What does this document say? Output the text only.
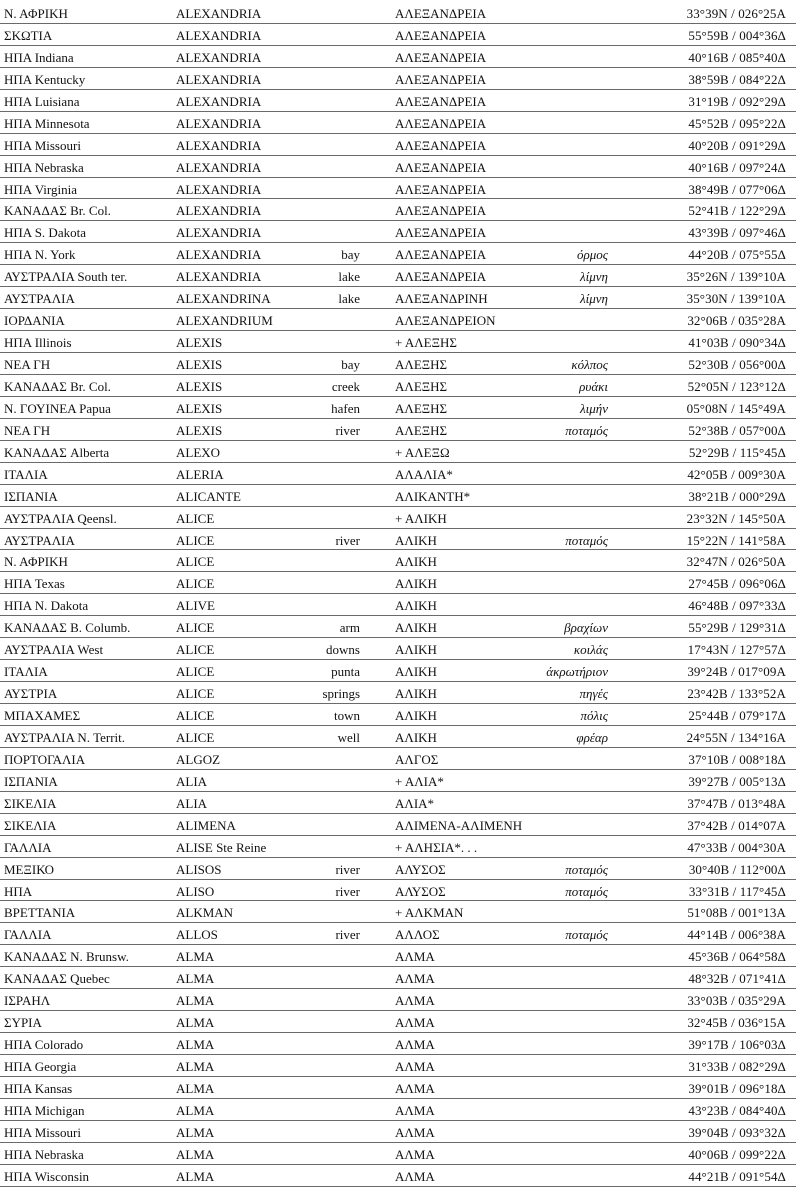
Ν. ΑΦΡΙΚΗ	ALEXANDRIA	ΑΛΕΞΑΝΔΡΕΙΑ	33°39N / 026°25A
ΣΚΩΤΙΑ	ALEXANDRIA	ΑΛΕΞΑΝΔΡΕΙΑ	55°59B / 004°36Δ
ΗΠΑ Indiana	ALEXANDRIA	ΑΛΕΞΑΝΔΡΕΙΑ	40°16B / 085°40Δ
ΗΠΑ Kentucky	ALEXANDRIA	ΑΛΕΞΑΝΔΡΕΙΑ	38°59B / 084°22Δ
ΗΠΑ Luisiana	ALEXANDRIA	ΑΛΕΞΑΝΔΡΕΙΑ	31°19B / 092°29Δ
ΗΠΑ Minnesota	ALEXANDRIA	ΑΛΕΞΑΝΔΡΕΙΑ	45°52B / 095°22Δ
ΗΠΑ Missouri	ALEXANDRIA	ΑΛΕΞΑΝΔΡΕΙΑ	40°20B / 091°29Δ
ΗΠΑ Nebraska	ALEXANDRIA	ΑΛΕΞΑΝΔΡΕΙΑ	40°16B / 097°24Δ
ΗΠΑ Virginia	ALEXANDRIA	ΑΛΕΞΑΝΔΡΕΙΑ	38°49B / 077°06Δ
ΚΑΝΑΔΑΣ Br. Col.	ALEXANDRIA	ΑΛΕΞΑΝΔΡΕΙΑ	52°41B / 122°29Δ
ΗΠΑ S. Dakota	ALEXANDRIA	ΑΛΕΞΑΝΔΡΕΙΑ	43°39B / 097°46Δ
ΗΠΑ N. York	ALEXANDRIA	bay	ΑΛΕΞΑΝΔΡΕΙΑ	όρμος	44°20B / 075°55Δ
ΑΥΣΤΡΑΛΙΑ South ter.	ALEXANDRIA	lake	ΑΛΕΞΑΝΔΡΕΙΑ	λίμνη	35°26N / 139°10A
ΑΥΣΤΡΑΛΙΑ	ALEXANDRINA	lake	ΑΛΕΞΑΝΔΡΙΝΗ	λίμνη	35°30N / 139°10A
ΙΟΡΔΑΝΙΑ	ALEXANDRIUM	ΑΛΕΞΑΝΔΡΕΙΟΝ	32°06B / 035°28A
ΗΠΑ Illinois	ALEXIS	+ ΑΛΕΞΗΣ	41°03B / 090°34Δ
ΝΕΑ ΓΗ	ALEXIS	bay	ΑΛΕΞΗΣ	κόλπος	52°30B / 056°00Δ
ΚΑΝΑΔΑΣ Br. Col.	ALEXIS	creek	ΑΛΕΞΗΣ	ρυάκι	52°05N / 123°12Δ
Ν. ΓΟΥΙΝΕΑ Papua	ALEXIS	hafen	ΑΛΕΞΗΣ	λιμήν	05°08N / 145°49A
ΝΕΑ ΓΗ	ALEXIS	river	ΑΛΕΞΗΣ	ποταμός	52°38B / 057°00Δ
ΚΑΝΑΔΑΣ Alberta	ALEXO	+ ΑΛΕΞΩ	52°29B / 115°45Δ
ΙΤΑΛΙΑ	ALERIA	ΑΛΑΛΙΑ*	42°05B / 009°30A
ΙΣΠΑΝΙΑ	ALICANTE	ΑΛΙΚΑΝΤΗ*	38°21B / 000°29Δ
ΑΥΣΤΡΑΛΙΑ Qeensl.	ALICE	+ ΑΛΙΚΗ	23°32N / 145°50A
ΑΥΣΤΡΑΛΙΑ	ALICE	river	ΑΛΙΚΗ	ποταμός	15°22N / 141°58A
Ν. ΑΦΡΙΚΗ	ALICE	ΑΛΙΚΗ	32°47N / 026°50A
ΗΠΑ Texas	ALICE	ΑΛΙΚΗ	27°45B / 096°06Δ
ΗΠΑ N. Dakota	ALIVE	ΑΛΙΚΗ	46°48B / 097°33Δ
ΚΑΝΑΔΑΣ B. Columb.	ALICE	arm	ΑΛΙΚΗ	βραχίων	55°29B / 129°31Δ
ΑΥΣΤΡΑΛΙΑ West	ALICE	downs	ΑΛΙΚΗ	κοιλάς	17°43N / 127°57Δ
ΙΤΑΛΙΑ	ALICE	punta	ΑΛΙΚΗ	άκρωτήριον	39°24B / 017°09A
ΑΥΣΤΡΙΑ	ALICE	springs	ΑΛΙΚΗ	πηγές	23°42B / 133°52A
ΜΠΑΧΑΜΕΣ	ALICE	town	ΑΛΙΚΗ	πόλις	25°44B / 079°17Δ
ΑΥΣΤΡΑΛΙΑ N. Territ.	ALICE	well	ΑΛΙΚΗ	φρέαρ	24°55N / 134°16A
ΠΟΡΤΟΓΑΛΙΑ	ALGOZ	ΑΛΓΟΣ	37°10B / 008°18Δ
ΙΣΠΑΝΙΑ	ALIA	+ ΑΛΙΑ*	39°27B / 005°13Δ
ΣΙΚΕΛΙΑ	ALIA	ΑΛΙΑ*	37°47B / 013°48A
ΣΙΚΕΛΙΑ	ALIMENA	ΑΛΙΜΕΝΑ-ΑΛΙΜΕΝΗ	37°42B / 014°07A
ΓΑΛΛΙΑ	ALISE Ste Reine	+ ΑΛΗΣΙΑ*. . .	47°33B / 004°30A
ΜΕΞΙΚΟ	ALISOS	river	ΑΛΥΣΟΣ	ποταμός	30°40B / 112°00Δ
ΗΠΑ	ALISO	river	ΑΛΥΣΟΣ	ποταμός	33°31B / 117°45Δ
ΒΡΕΤΤΑΝΙΑ	ALKMAN	+ ΑΛΚΜΑΝ	51°08B / 001°13A
ΓΑΛΛΙΑ	ALLOS	river	ΑΛΛΟΣ	ποταμός	44°14B / 006°38A
ΚΑΝΑΔΑΣ N. Brunsw.	ALMA	ΑΛΜΑ	45°36B / 064°58Δ
ΚΑΝΑΔΑΣ Quebec	ALMA	ΑΛΜΑ	48°32B / 071°41Δ
ΙΣΡΑΗΛ	ALMA	ΑΛΜΑ	33°03B / 035°29A
ΣΥΡΙΑ	ALMA	ΑΛΜΑ	32°45B / 036°15A
ΗΠΑ Colorado	ALMA	ΑΛΜΑ	39°17B / 106°03Δ
ΗΠΑ Georgia	ALMA	ΑΛΜΑ	31°33B / 082°29Δ
ΗΠΑ Kansas	ALMA	ΑΛΜΑ	39°01B / 096°18Δ
ΗΠΑ Michigan	ALMA	ΑΛΜΑ	43°23B / 084°40Δ
ΗΠΑ Missouri	ALMA	ΑΛΜΑ	39°04B / 093°32Δ
ΗΠΑ Nebraska	ALMA	ΑΛΜΑ	40°06B / 099°22Δ
ΗΠΑ Wisconsin	ALMA	ΑΛΜΑ	44°21B / 091°54Δ
